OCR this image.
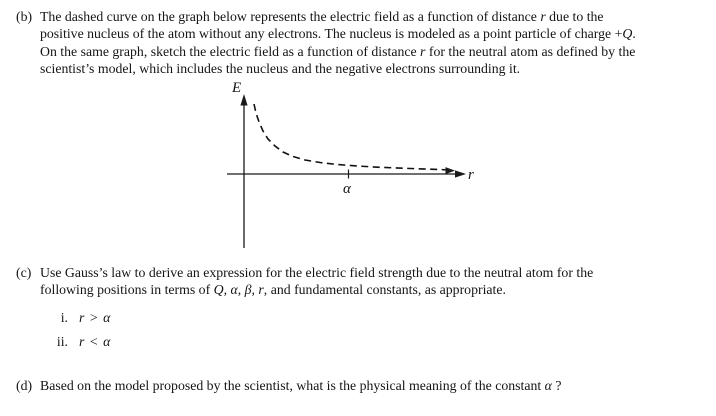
(b) The dashed curve on the graph below represents the electric field as a function of distance r due to the
positive nucleus of the atom without any electrons. The nucleus is modeled as a point particle of charge +Q.
On the same graph, sketch the electric field as a function of distance r for the neutral atom as defined by the
scientist’s model, which includes the nucleus and the negative electrons surrounding it.
E
r
α
(c) Use Gauss’s law to derive an expression for the electric field strength due to the neutral atom for the
following positions in terms of Q, α, β, r, and fundamental constants, as appropriate.
i. r > α
ii. r < α
(d) Based on the model proposed by the scientist, what is the physical meaning of the constant α ?
